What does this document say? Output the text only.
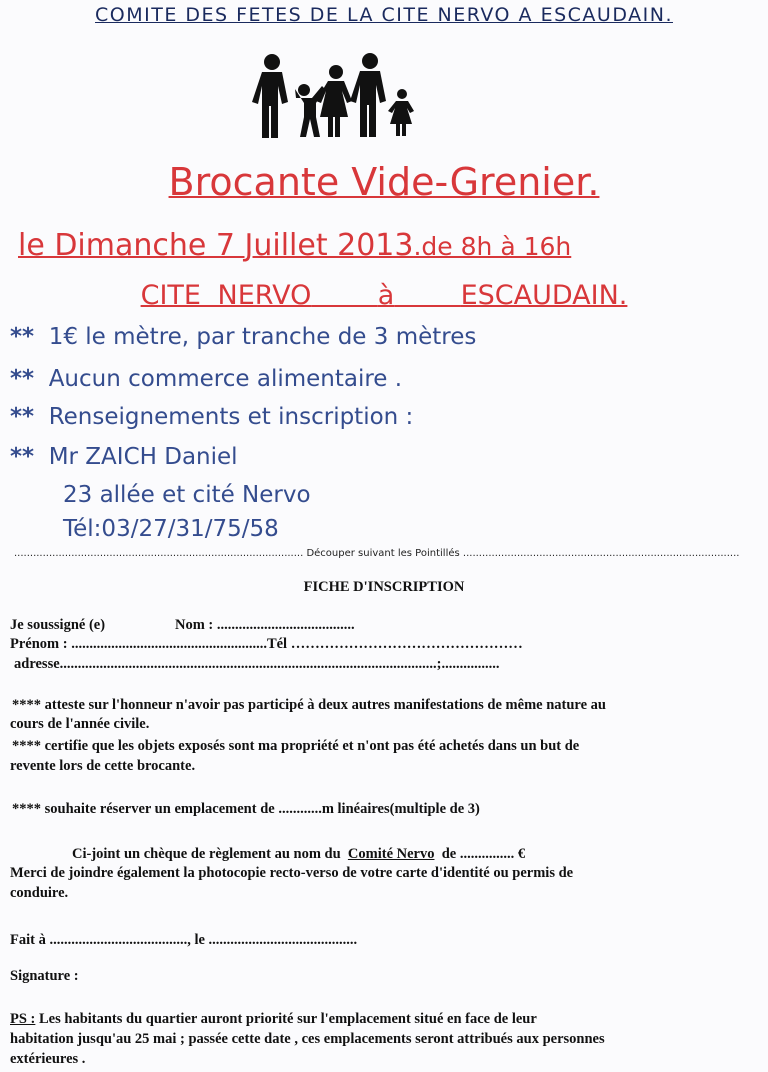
COMITE DES FETES DE LA CITE NERVO A ESCAUDAIN.
Brocante Vide-Grenier.
le Dimanche 7 Juillet 2013.de 8h à 16h
CITE NERVO à ESCAUDAIN.
** 1€ le mètre, par tranche de 3 mètres
** Aucun commerce alimentaire .
** Renseignements et inscription :
** Mr ZAICH Daniel
23 allée et cité Nervo
Tél:03/27/31/75/58
........................................................................................... Découper suivant les Pointillés .......................................................................................
FICHE D'INSCRIPTION
Je soussigné (e)	Nom : ......................................
Prénom : ......................................................Tél …………………………………………
adresse........................................................................................................;................
**** atteste sur l'honneur n'avoir pas participé à deux autres manifestations de même nature au
cours de l'année civile.
**** certifie que les objets exposés sont ma propriété et n'ont pas été achetés dans un but de
revente lors de cette brocante.
**** souhaite réserver un emplacement de ............m linéaires(multiple de 3)
Ci-joint un chèque de règlement au nom du Comité Nervo de ............... €
Merci de joindre également la photocopie recto-verso de votre carte d'identité ou permis de
conduire.
Fait à ......................................, le .........................................
Signature :
PS : Les habitants du quartier auront priorité sur l'emplacement situé en face de leur
habitation jusqu'au 25 mai ; passée cette date , ces emplacements seront attribués aux personnes
extérieures .
